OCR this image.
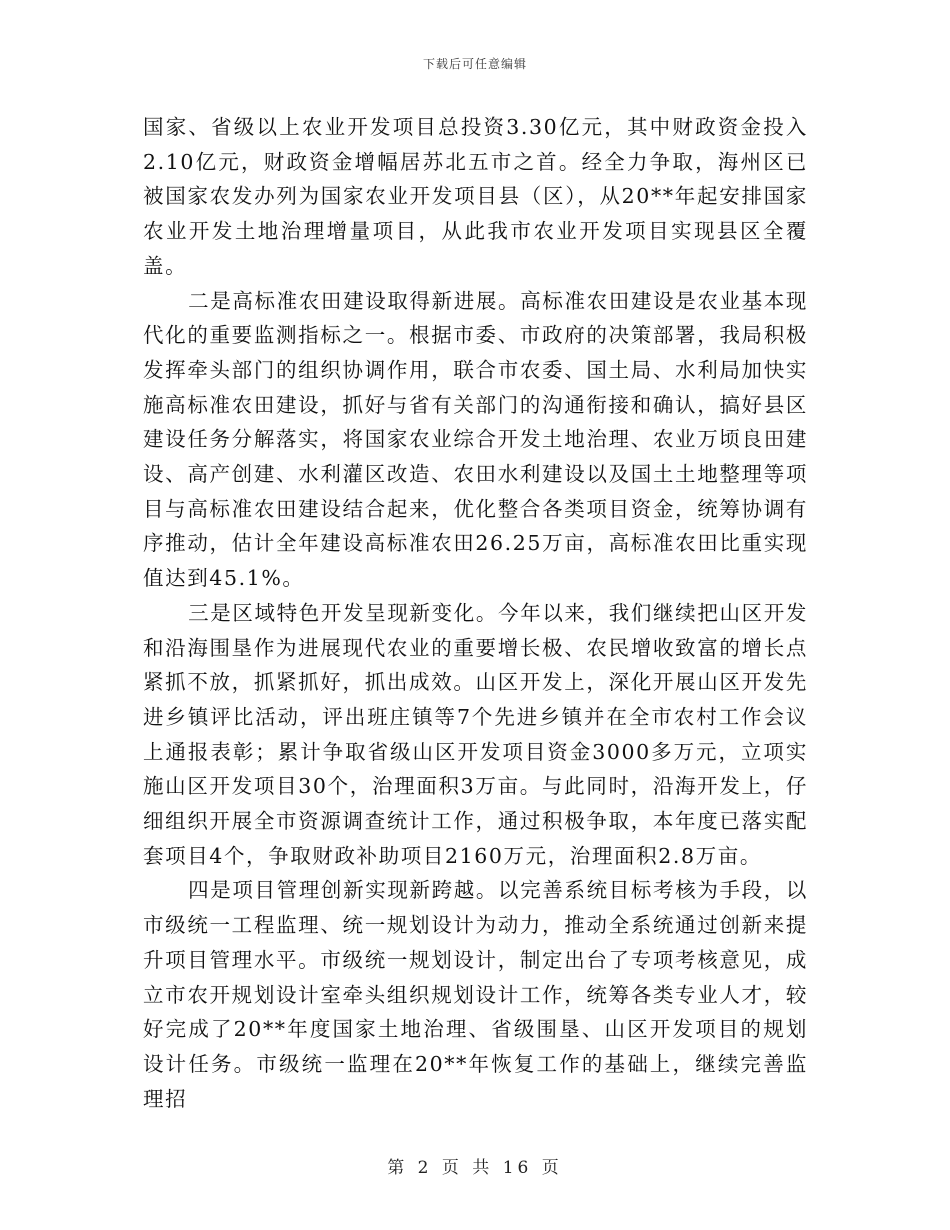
下载后可任意编辑

国家、省级以上农业开发项目总投资3.30亿元，其中财政资金投入2.10亿元，财政资金增幅居苏北五市之首。经全力争取，海州区已被国家农发办列为国家农业开发项目县（区），从20**年起安排国家农业开发土地治理增量项目，从此我市农业开发项目实现县区全覆盖。

二是高标准农田建设取得新进展。高标准农田建设是农业基本现代化的重要监测指标之一。根据市委、市政府的决策部署，我局积极发挥牵头部门的组织协调作用，联合市农委、国土局、水利局加快实施高标准农田建设，抓好与省有关部门的沟通衔接和确认，搞好县区建设任务分解落实，将国家农业综合开发土地治理、农业万顷良田建设、高产创建、水利灌区改造、农田水利建设以及国土土地整理等项目与高标准农田建设结合起来，优化整合各类项目资金，统筹协调有序推动，估计全年建设高标准农田26.25万亩，高标准农田比重实现值达到45.1%。

三是区域特色开发呈现新变化。今年以来，我们继续把山区开发和沿海围垦作为进展现代农业的重要增长极、农民增收致富的增长点紧抓不放，抓紧抓好，抓出成效。山区开发上，深化开展山区开发先进乡镇评比活动，评出班庄镇等7个先进乡镇并在全市农村工作会议上通报表彰；累计争取省级山区开发项目资金3000多万元，立项实施山区开发项目30个，治理面积3万亩。与此同时，沿海开发上，仔细组织开展全市资源调查统计工作，通过积极争取，本年度已落实配套项目4个，争取财政补助项目2160万元，治理面积2.8万亩。

四是项目管理创新实现新跨越。以完善系统目标考核为手段，以市级统一工程监理、统一规划设计为动力，推动全系统通过创新来提升项目管理水平。市级统一规划设计，制定出台了专项考核意见，成立市农开规划设计室牵头组织规划设计工作，统筹各类专业人才，较好完成了20**年度国家土地治理、省级围垦、山区开发项目的规划设计任务。市级统一监理在20**年恢复工作的基础上，继续完善监理招

第 2 页 共 16 页
